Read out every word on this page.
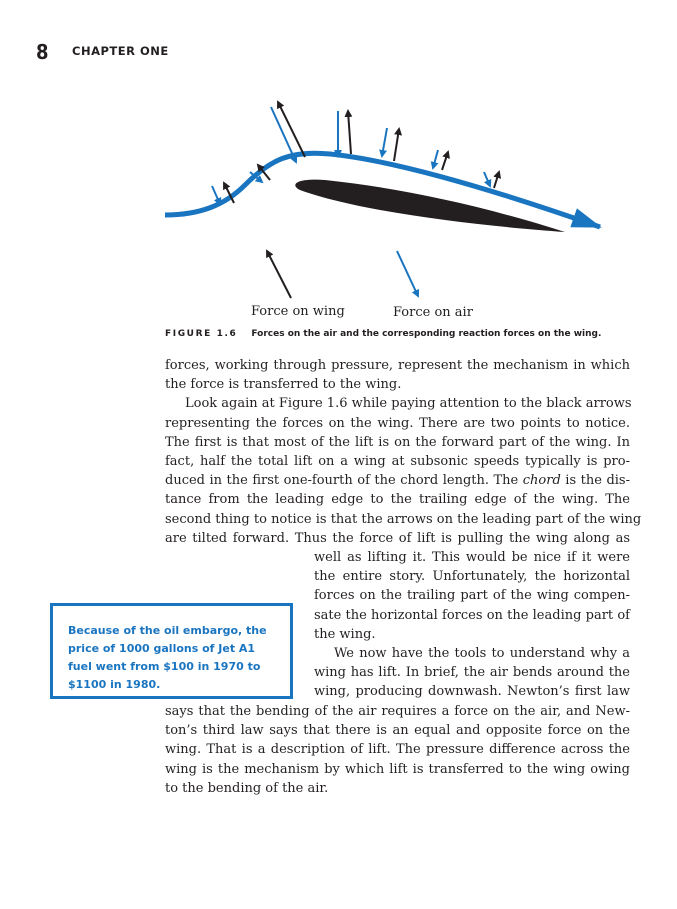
8 CHAPTER ONE
Force on wing	Force on air
FIGURE 1.6 Forces on the air and the corresponding reaction forces on the wing.
forces, working through pressure, represent the mechanism in which
the force is transferred to the wing.
Look again at Figure 1.6 while paying attention to the black arrows
representing the forces on the wing. There are two points to notice.
The first is that most of the lift is on the forward part of the wing. In
fact, half the total lift on a wing at subsonic speeds typically is pro-
duced in the first one-fourth of the chord length. The chord is the dis-
tance from the leading edge to the trailing edge of the wing. The
second thing to notice is that the arrows on the leading part of the wing
are tilted forward. Thus the force of lift is pulling the wing along as
well as lifting it. This would be nice if it were
the entire story. Unfortunately, the horizontal
forces on the trailing part of the wing compen-
sate the horizontal forces on the leading part of
the wing.
We now have the tools to understand why a
wing has lift. In brief, the air bends around the
wing, producing downwash. Newton’s first law
says that the bending of the air requires a force on the air, and New-
ton’s third law says that there is an equal and opposite force on the
wing. That is a description of lift. The pressure difference across the
wing is the mechanism by which lift is transferred to the wing owing
to the bending of the air.
Because of the oil embargo, the price of 1000 gallons of Jet A1 fuel went from $100 in 1970 to $1100 in 1980.
